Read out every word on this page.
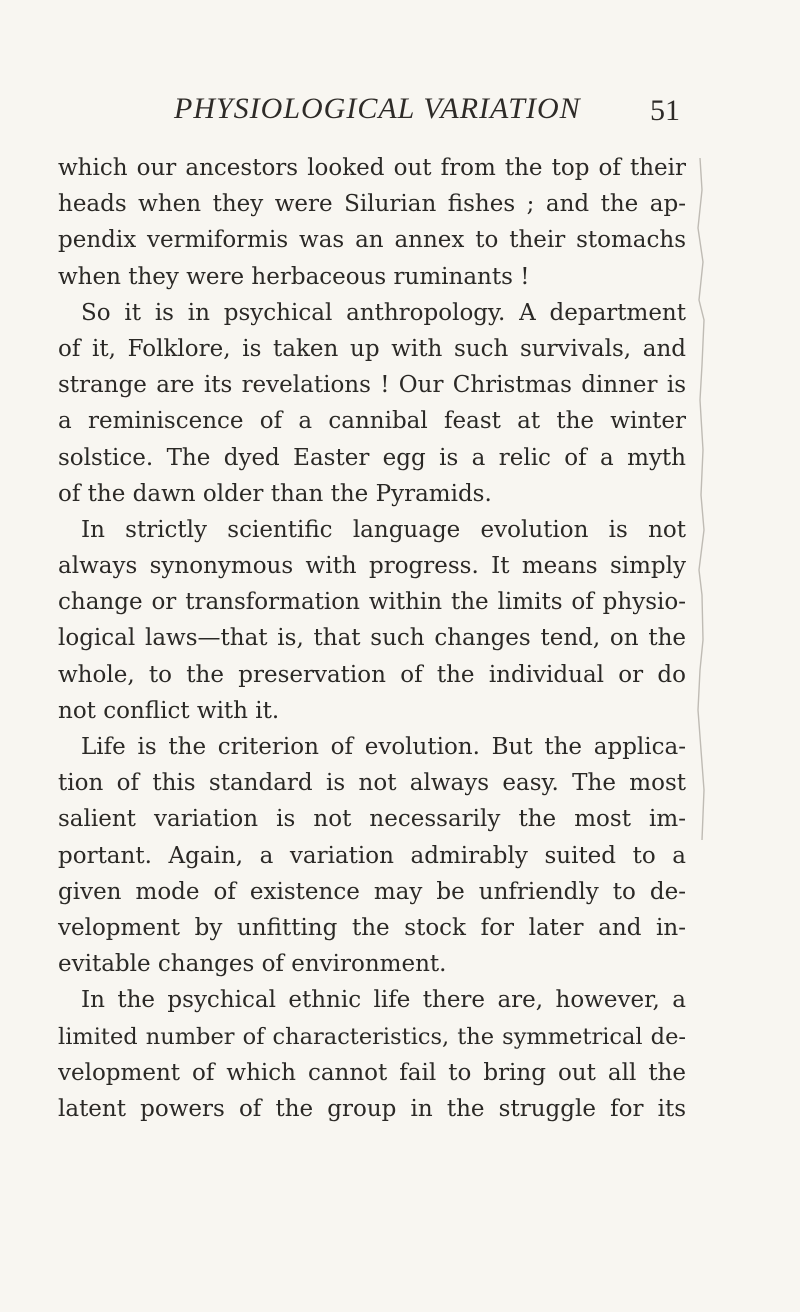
PHYSIOLOGICAL VARIATION 51
which our ancestors looked out from the top of their
heads when they were Silurian fishes ; and the ap-
pendix vermiformis was an annex to their stomachs
when they were herbaceous ruminants !
So it is in psychical anthropology. A department
of it, Folklore, is taken up with such survivals, and
strange are its revelations ! Our Christmas dinner is
a reminiscence of a cannibal feast at the winter
solstice. The dyed Easter egg is a relic of a myth
of the dawn older than the Pyramids.
In strictly scientific language evolution is not
always synonymous with progress. It means simply
change or transformation within the limits of physio-
logical laws—that is, that such changes tend, on the
whole, to the preservation of the individual or do
not conflict with it.
Life is the criterion of evolution. But the applica-
tion of this standard is not always easy. The most
salient variation is not necessarily the most im-
portant. Again, a variation admirably suited to a
given mode of existence may be unfriendly to de-
velopment by unfitting the stock for later and in-
evitable changes of environment.
In the psychical ethnic life there are, however, a
limited number of characteristics, the symmetrical de-
velopment of which cannot fail to bring out all the
latent powers of the group in the struggle for its
